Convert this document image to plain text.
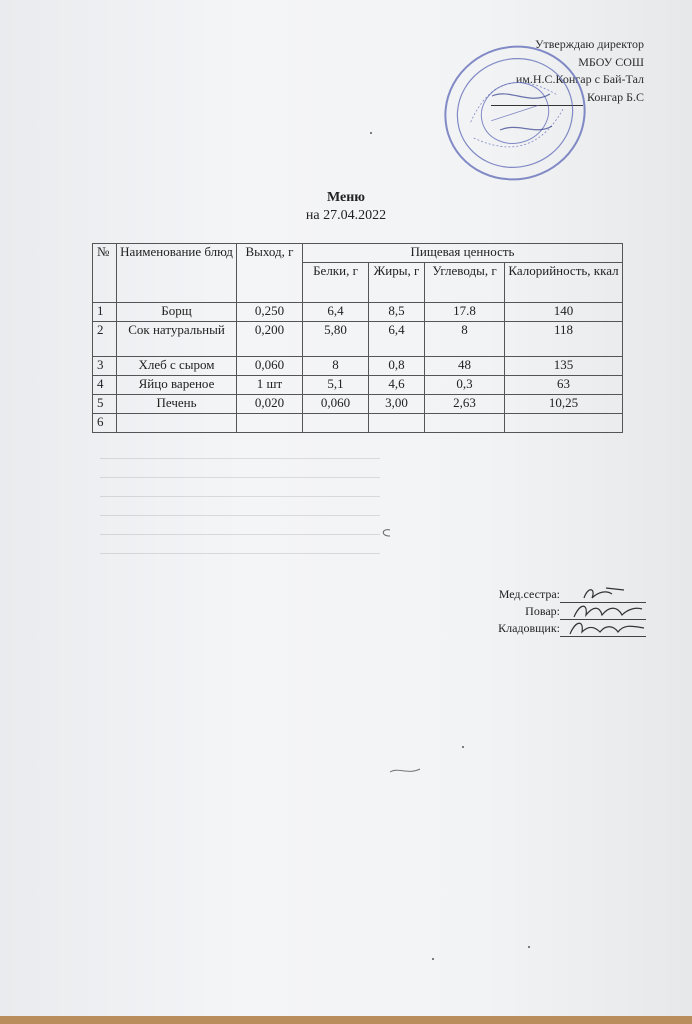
Утверждаю директор
МБОУ СОШ
им.Н.С.Конгар с Бай-Тал
Конгар Б.С
Меню
на 27.04.2022
№	Наименование блюд	Выход, г	Пищевая ценность			
			Белки, г	Жиры, г	Углеводы, г	Калорийность, ккал
1	Борщ	0,250	6,4	8,5	17.8	140
2	Сок натуральный	0,200	5,80	6,4	8	118
3	Хлеб с сыром	0,060	8	0,8	48	135
4	Яйцо вареное	1 шт	5,1	4,6	0,3	63
5	Печень	0,020	0,060	3,00	2,63	10,25
6						
Мед.сестра:
Повар:
Кладовщик:
